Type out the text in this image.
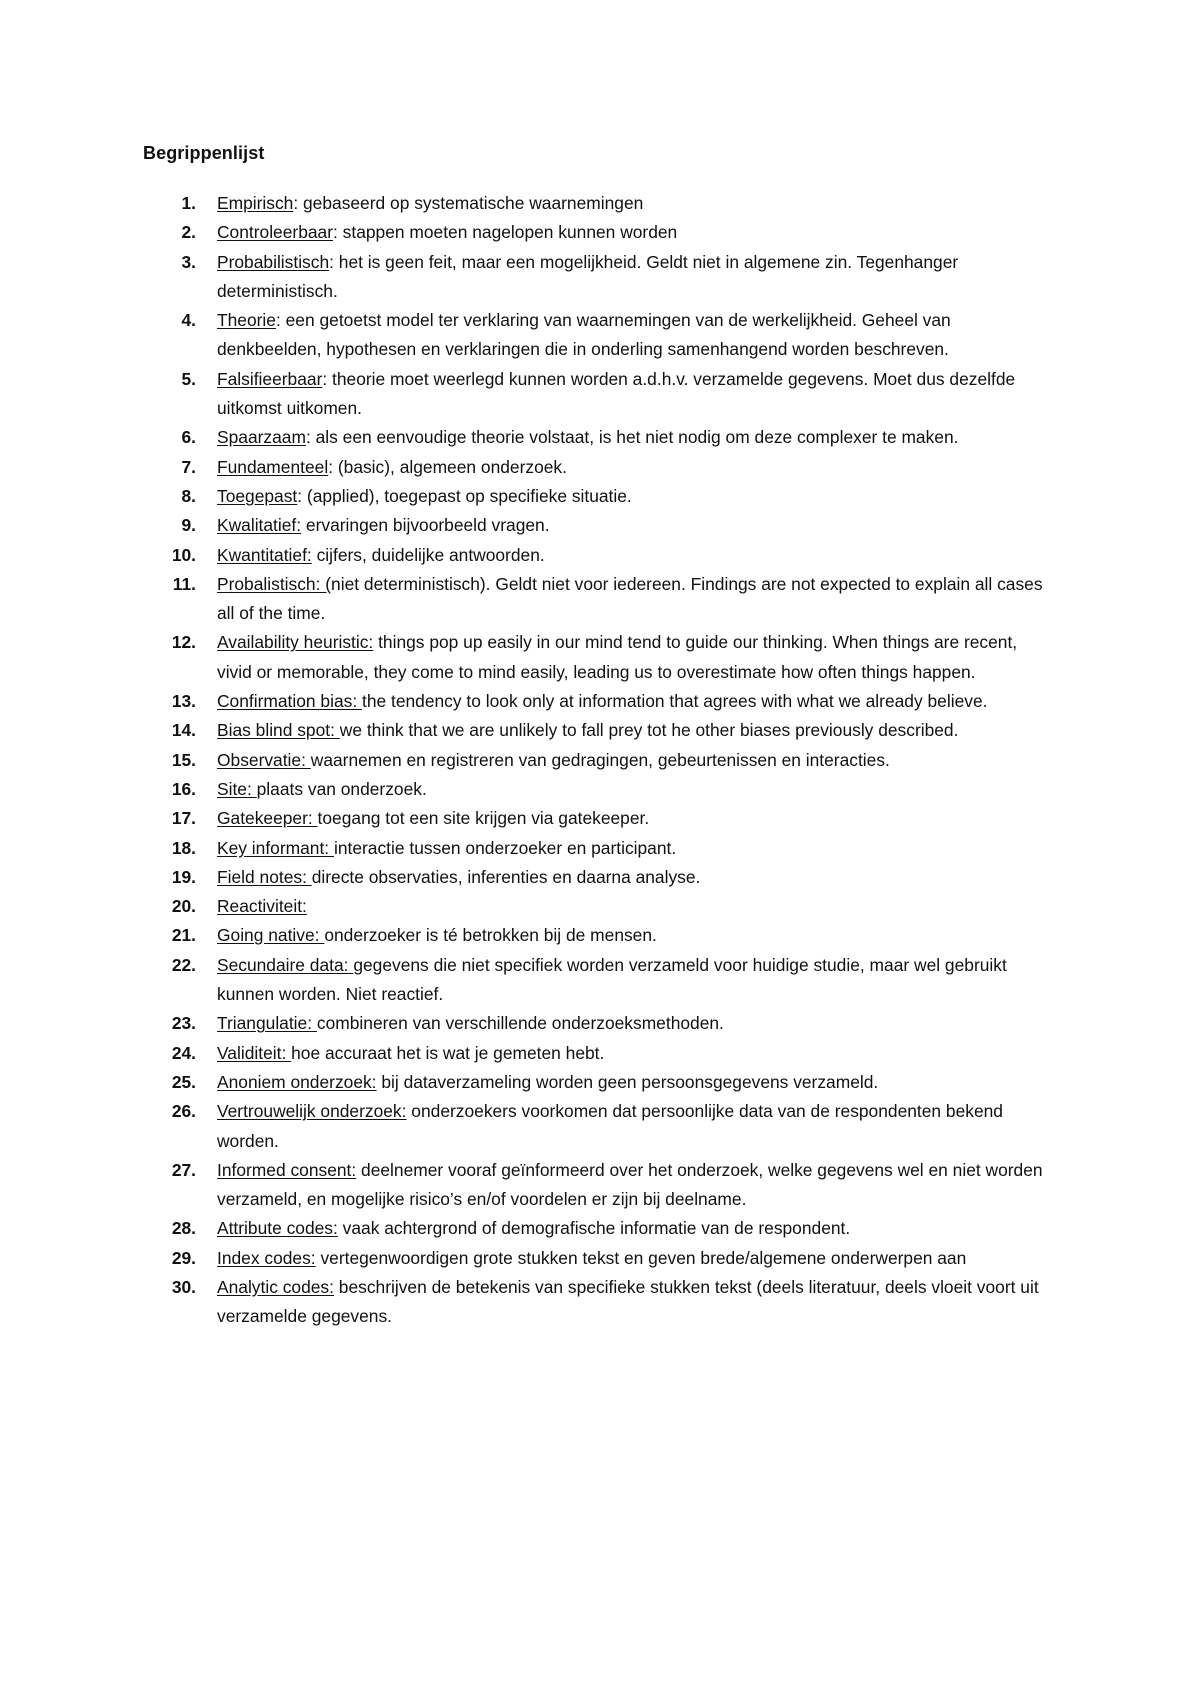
Begrippenlijst
1. Empirisch: gebaseerd op systematische waarnemingen
2. Controleerbaar: stappen moeten nagelopen kunnen worden
3. Probabilistisch: het is geen feit, maar een mogelijkheid. Geldt niet in algemene zin. Tegenhanger deterministisch.
4. Theorie: een getoetst model ter verklaring van waarnemingen van de werkelijkheid. Geheel van denkbeelden, hypothesen en verklaringen die in onderling samenhangend worden beschreven.
5. Falsifieerbaar: theorie moet weerlegd kunnen worden a.d.h.v. verzamelde gegevens. Moet dus dezelfde uitkomst uitkomen.
6. Spaarzaam: als een eenvoudige theorie volstaat, is het niet nodig om deze complexer te maken.
7. Fundamenteel: (basic), algemeen onderzoek.
8. Toegepast: (applied), toegepast op specifieke situatie.
9. Kwalitatief: ervaringen bijvoorbeeld vragen.
10. Kwantitatief: cijfers, duidelijke antwoorden.
11. Probalistisch: (niet deterministisch). Geldt niet voor iedereen. Findings are not expected to explain all cases all of the time.
12. Availability heuristic: things pop up easily in our mind tend to guide our thinking. When things are recent, vivid or memorable, they come to mind easily, leading us to overestimate how often things happen.
13. Confirmation bias: the tendency to look only at information that agrees with what we already believe.
14. Bias blind spot: we think that we are unlikely to fall prey tot he other biases previously described.
15. Observatie: waarnemen en registreren van gedragingen, gebeurtenissen en interacties.
16. Site: plaats van onderzoek.
17. Gatekeeper: toegang tot een site krijgen via gatekeeper.
18. Key informant: interactie tussen onderzoeker en participant.
19. Field notes: directe observaties, inferenties en daarna analyse.
20. Reactiviteit:
21. Going native: onderzoeker is té betrokken bij de mensen.
22. Secundaire data: gegevens die niet specifiek worden verzameld voor huidige studie, maar wel gebruikt kunnen worden. Niet reactief.
23. Triangulatie: combineren van verschillende onderzoeksmethoden.
24. Validiteit: hoe accuraat het is wat je gemeten hebt.
25. Anoniem onderzoek: bij dataverzameling worden geen persoonsgegevens verzameld.
26. Vertrouwelijk onderzoek: onderzoekers voorkomen dat persoonlijke data van de respondenten bekend worden.
27. Informed consent: deelnemer vooraf geïnformeerd over het onderzoek, welke gegevens wel en niet worden verzameld, en mogelijke risico’s en/of voordelen er zijn bij deelname.
28. Attribute codes: vaak achtergrond of demografische informatie van de respondent.
29. Index codes: vertegenwoordigen grote stukken tekst en geven brede/algemene onderwerpen aan
30. Analytic codes: beschrijven de betekenis van specifieke stukken tekst (deels literatuur, deels vloeit voort uit verzamelde gegevens.
